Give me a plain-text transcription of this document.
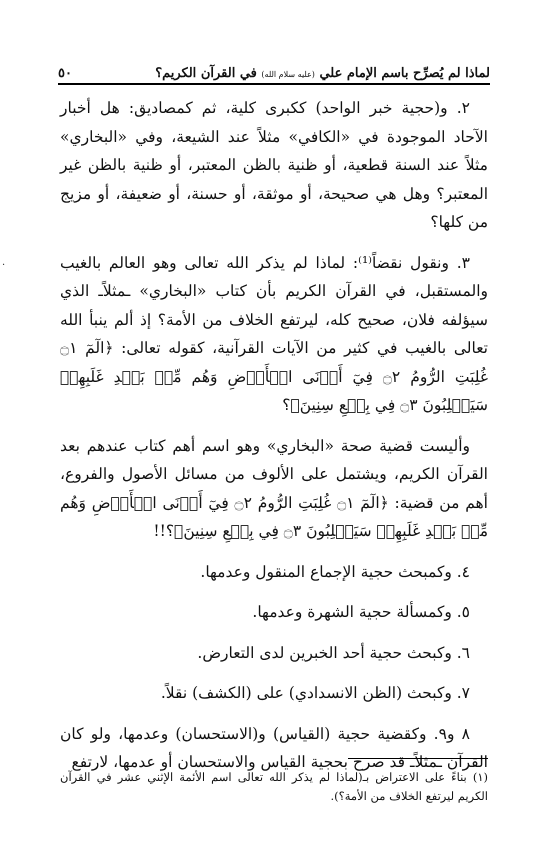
لماذا لم يُصرِّح باسم الإمام علي (عليه سلام الله) في القرآن الكريم؟
٥٠

٢. و(حجية خبر الواحد) ككبرى كلية، ثم كمصاديق: هل أخبار الآحاد الموجودة في «الكافي» مثلاً عند الشيعة، وفي «البخاري» مثلاً عند السنة قطعية، أو ظنية بالظن المعتبر، أو ظنية بالظن غير المعتبر؟ وهل هي صحيحة، أو موثقة، أو حسنة، أو ضعيفة، أو مزيج من كلها؟

٣. ونقول نقضاً⁽¹⁾: لماذا لم يذكر الله تعالى وهو العالم بالغيب والمستقبل، في القرآن الكريم بأن كتاب «البخاري» ـمثلاًـ الذي سيؤلفه فلان، صحيح كله، ليرتفع الخلاف من الأمة؟ إذ ألم ينبأ الله تعالى بالغيب في كثير من الآيات القرآنية، كقوله تعالى: ﴿الٓمٓ ۝١ غُلِبَتِ الرُّومُ ۝٢ فِيٓ أَدۡنَى الۡأَرۡضِ وَهُم مِّنۢ بَعۡدِ غَلَبِهِمۡ سَيَغۡلِبُونَ ۝٣ فِي بِضۡعِ سِنِينَ﴾؟

وأليست قضية صحة «البخاري» وهو اسم أهم كتاب عندهم بعد القرآن الكريم، ويشتمل على الألوف من مسائل الأصول والفروع، أهم من قضية: ﴿الٓمٓ ۝١ غُلِبَتِ الرُّومُ ۝٢ فِيٓ أَدۡنَى الۡأَرۡضِ وَهُم مِّنۢ بَعۡدِ غَلَبِهِمۡ سَيَغۡلِبُونَ ۝٣ فِي بِضۡعِ سِنِينَ﴾؟!!

٤. وكمبحث حجية الإجماع المنقول وعدمها.

٥. وكمسألة حجية الشهرة وعدمها.

٦. وكبحث حجية أحد الخبرين لدى التعارض.

٧. وكبحث (الظن الانسدادي) على (الكشف) نقلاً.

٨ و٩. وكقضية حجية (القياس) و(الاستحسان) وعدمها، ولو كان القرآن ـمثلاًـ قد صرح بحجية القياس والاستحسان أو عدمها، لارتفع

(١) بناءً على الاعتراض بـ(لماذا لم يذكر الله تعالى اسم الأئمة الإثني عشر في القرآن الكريم ليرتفع الخلاف من الأمة؟).
·
